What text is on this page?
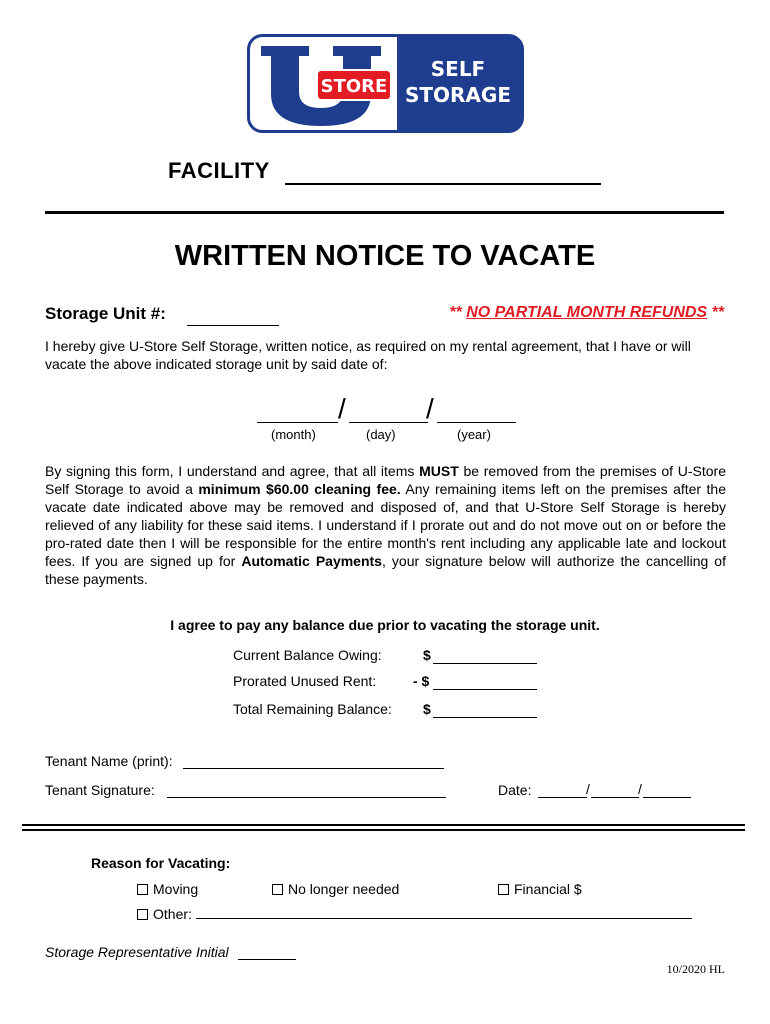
STORE
SELF
STORAGE
FACILITY
WRITTEN NOTICE TO VACATE
Storage Unit #:	** NO PARTIAL MONTH REFUNDS **
I hereby give U-Store Self Storage, written notice, as required on my rental agreement, that I have or will vacate the above indicated storage unit by said date of:
/	/
(month)	(day)	(year)
By signing this form, I understand and agree, that all items MUST be removed from the premises of U-Store Self Storage to avoid a minimum $60.00 cleaning fee. Any remaining items left on the premises after the vacate date indicated above may be removed and disposed of, and that U-Store Self Storage is hereby relieved of any liability for these said items. I understand if I prorate out and do not move out on or before the pro-rated date then I will be responsible for the entire month's rent including any applicable late and lockout fees. If you are signed up for Automatic Payments, your signature below will authorize the cancelling of these payments.
I agree to pay any balance due prior to vacating the storage unit.
Current Balance Owing:	$
Prorated Unused Rent:	- $
Total Remaining Balance: $
Tenant Name (print):
Tenant Signature:	Date:	/	/
Reason for Vacating:
Moving	No longer needed	Financial $
Other:
Storage Representative Initial
10/2020 HL
